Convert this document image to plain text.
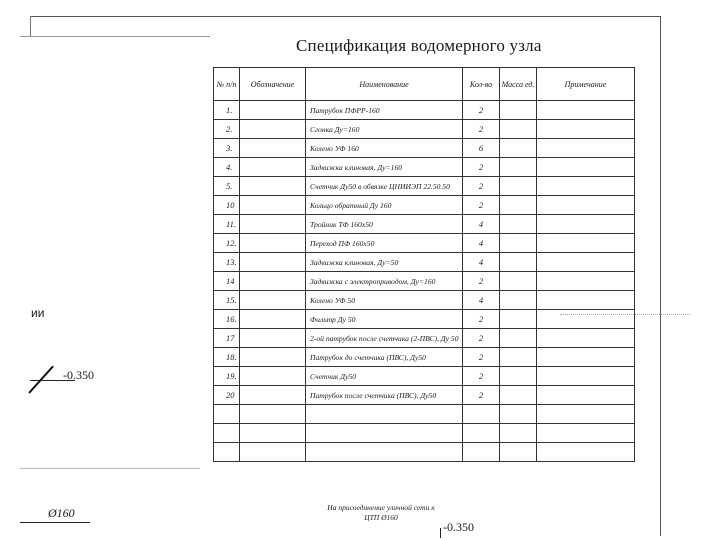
Спецификация водомерного узла
№ п/п	Обозначение	Наименование	Кол-во	Масса ед.	Примечание
1.		Патрубок ПФРР-160	2		
2.		Сгонка Ду=160	2		
3.		Колено УФ 160	6		
4.		Задвижка клиновая, Ду=160	2		
5.		Счетчик Ду50 в обвязке ЦНИИЭП 22.50.50	2		
10		Кольцо обратный Ду 160	2		
11.		Тройник ТФ 160x50	4		
12.		Переход ПФ 160x50	4		
13.		Задвижка клиновая, Ду=50	4		
14		Задвижка с электроприводом, Ду=160	2		
15.		Колено УФ 50	4		
16.		Фильтр Ду 50	2		
17		2-ой патрубок после счетчика (2-ПВС), Ду 50	2		
18.		Патрубок до счетчика (ПВС), Ду50	2		
19.		Счетчик Ду50	2		
20		Патрубок после счетчика (ПВС), Ду50	2		

ии
-0.350
Ø160	На присоединение уличной сети к ЦТП Ø160
-0.350
